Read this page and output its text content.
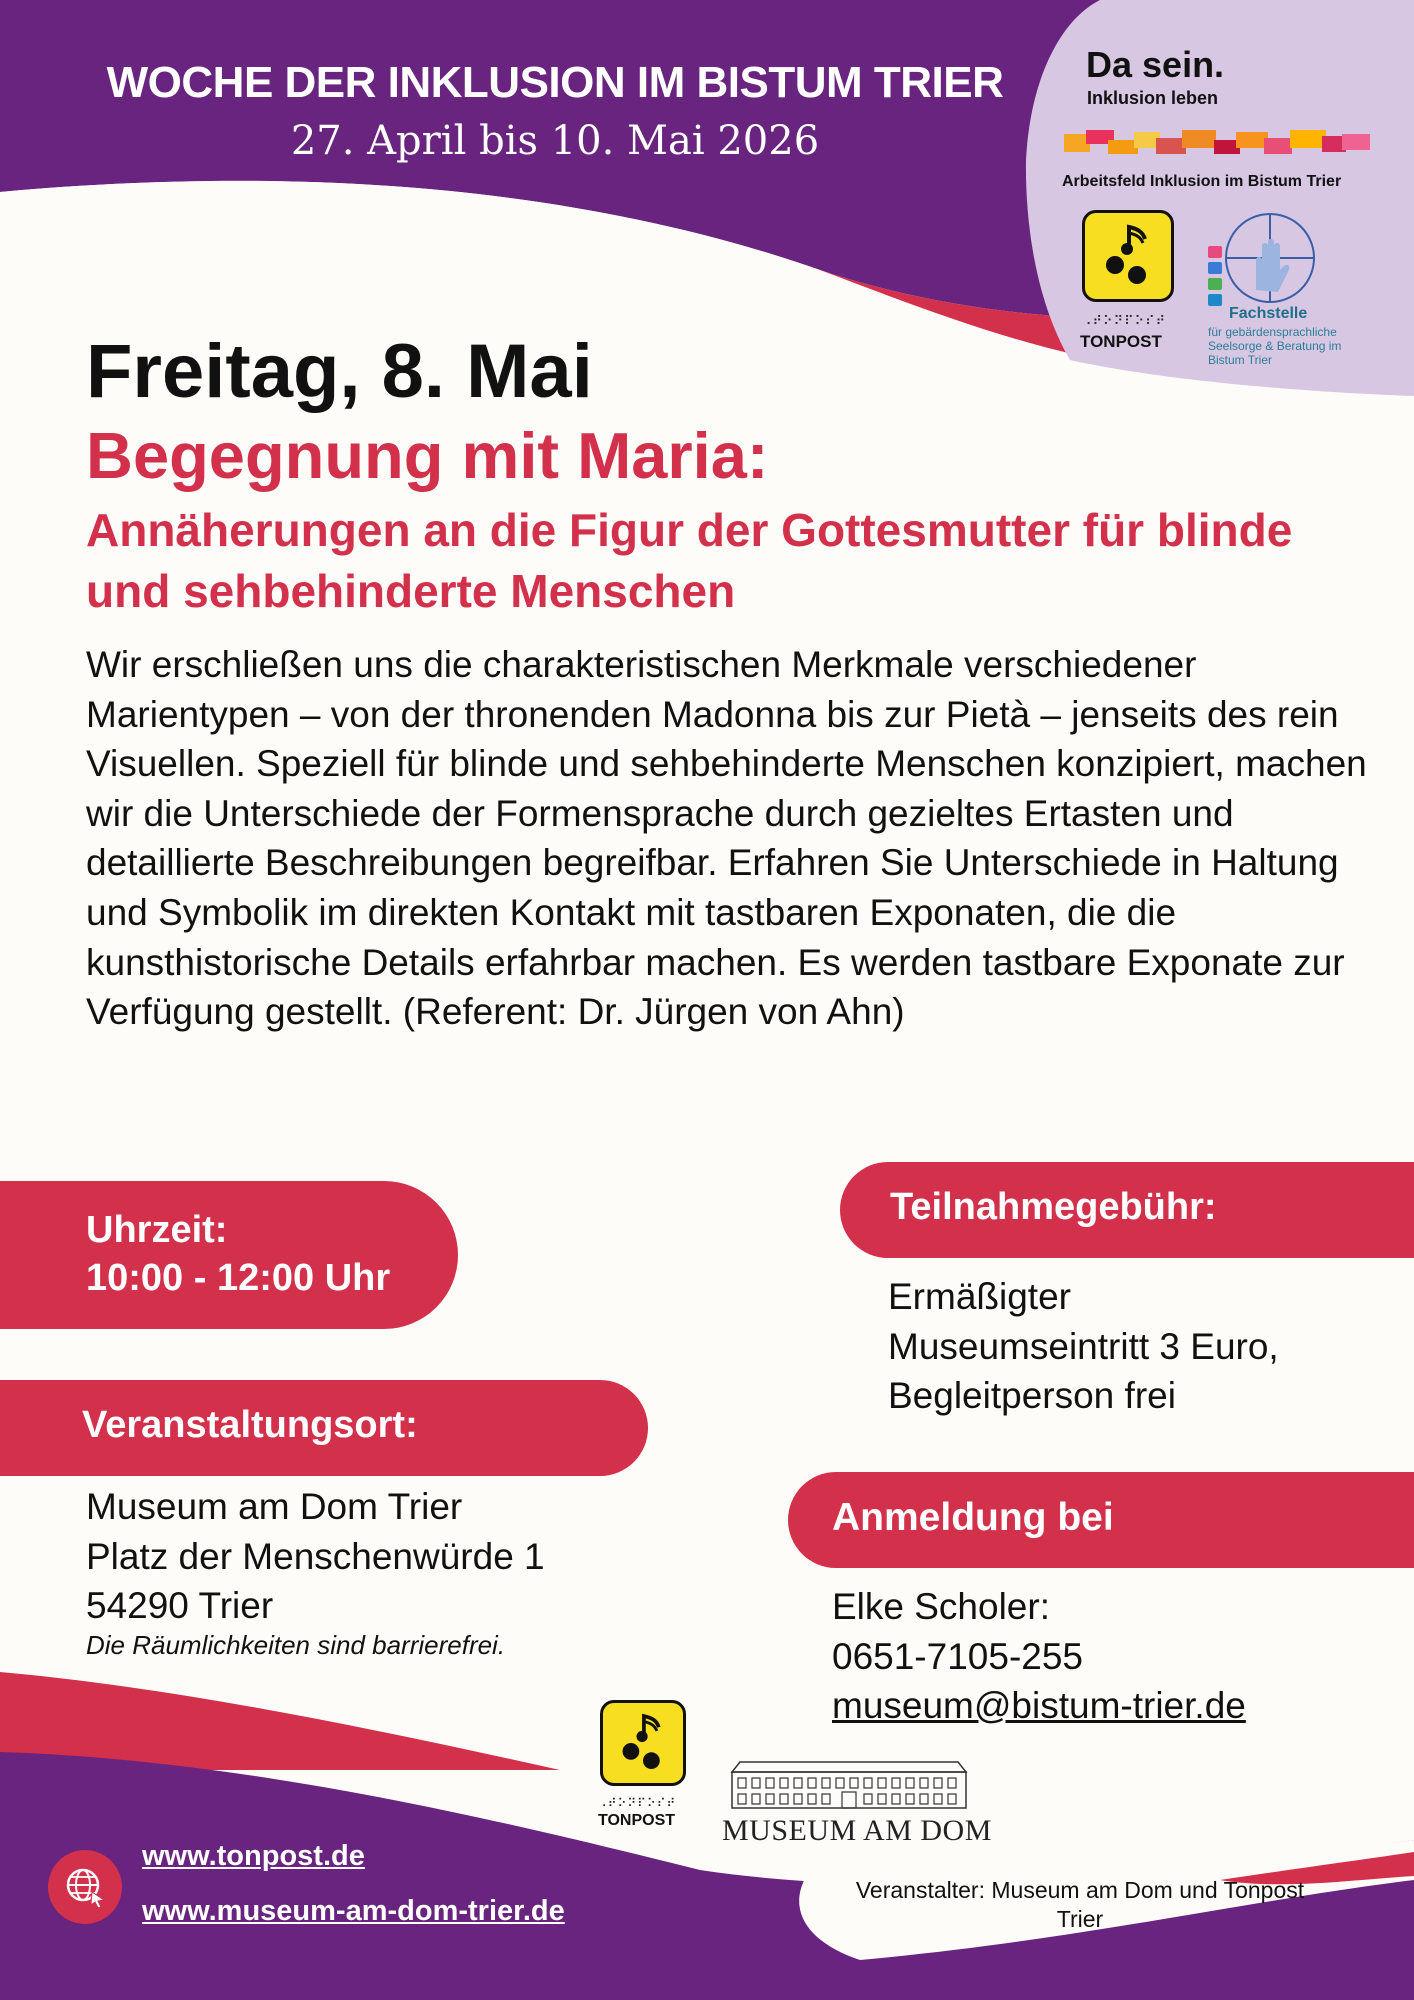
WOCHE DER INKLUSION IM BISTUM TRIER
27. April bis 10. Mai 2026
Da sein.
Inklusion leben
Arbeitsfeld Inklusion im Bistum Trier
⠠⠞⠕⠝⠏⠕⠎⠞
TONPOST
Fachstelle
für gebärdensprachliche Seelsorge & Beratung im Bistum Trier
Freitag, 8. Mai
Begegnung mit Maria:
Annäherungen an die Figur der Gottesmutter für blinde und sehbehinderte Menschen
Wir erschließen uns die charakteristischen Merkmale verschiedener Marientypen – von der thronenden Madonna bis zur Pietà – jenseits des rein Visuellen. Speziell für blinde und sehbehinderte Menschen konzipiert, machen wir die Unterschiede der Formensprache durch gezieltes Ertasten und detaillierte Beschreibungen begreifbar. Erfahren Sie Unterschiede in Haltung und Symbolik im direkten Kontakt mit tastbaren Exponaten, die die kunsthistorische Details erfahrbar machen. Es werden tastbare Exponate zur Verfügung gestellt. (Referent: Dr. Jürgen von Ahn)
Uhrzeit:
10:00 - 12:00 Uhr
Veranstaltungsort:
Museum am Dom Trier
Platz der Menschenwürde 1
54290 Trier
Die Räumlichkeiten sind barrierefrei.
Teilnahmegebühr:
Ermäßigter
Museumseintritt 3 Euro,
Begleitperson frei
Anmeldung bei
Elke Scholer:
0651-7105-255
museum@bistum-trier.de
⠠⠞⠕⠝⠏⠕⠎⠞
TONPOST MUSEUM AM DOM
www.tonpost.de
www.museum-am-dom-trier.de
Veranstalter: Museum am Dom und Tonpost Trier
